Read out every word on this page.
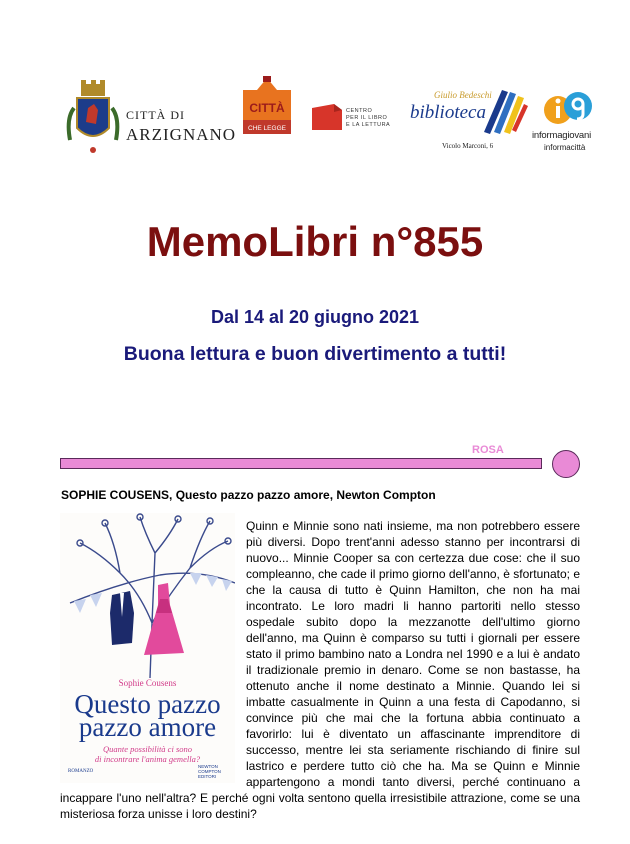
CITTÀ DI
ARZIGNANO
CITTÀ
CHE LEGGE
CENTRO
PER IL LIBRO
E LA LETTURA
Giulio Bedeschi
biblioteca
Vicolo Marconi, 6
informagiovani
informacittà
MemoLibri n°855

Dal 14 al 20 giugno 2021

Buona lettura e buon divertimento a tutti!

ROSA

SOPHIE COUSENS, Questo pazzo pazzo amore, Newton Compton

Sophie Cousens
Questo pazzo
pazzo amore
Quante possibilità ci sono
di incontrare l'anima gemella?
ROMANZO
NEWTON
COMPTON EDITORI

Quinn e Minnie sono nati insieme, ma non potrebbero essere più diversi. Dopo trent'anni adesso stanno per incontrarsi di nuovo... Minnie Cooper sa con certezza due cose: che il suo compleanno, che cade il primo giorno dell'anno, è sfortunato; e che la causa di tutto è Quinn Hamilton, che non ha mai incontrato. Le loro madri li hanno partoriti nello stesso ospedale subito dopo la mezzanotte dell'ultimo giorno dell'anno, ma Quinn è comparso su tutti i giornali per essere stato il primo bambino nato a Londra nel 1990 e a lui è andato il tradizionale premio in denaro. Come se non bastasse, ha ottenuto anche il nome destinato a Minnie. Quando lei si imbatte casualmente in Quinn a una festa di Capodanno, si convince più che mai che la fortuna abbia continuato a favorirlo: lui è diventato un affascinante imprenditore di successo, mentre lei sta seriamente rischiando di finire sul lastrico e perdere tutto ciò che ha. Ma se Quinn e Minnie appartengono a mondi tanto diversi, perché continuano a incappare l'uno nell'altra? E perché ogni volta sentono quella irresistibile attrazione, come se una misteriosa forza unisse i loro destini?
